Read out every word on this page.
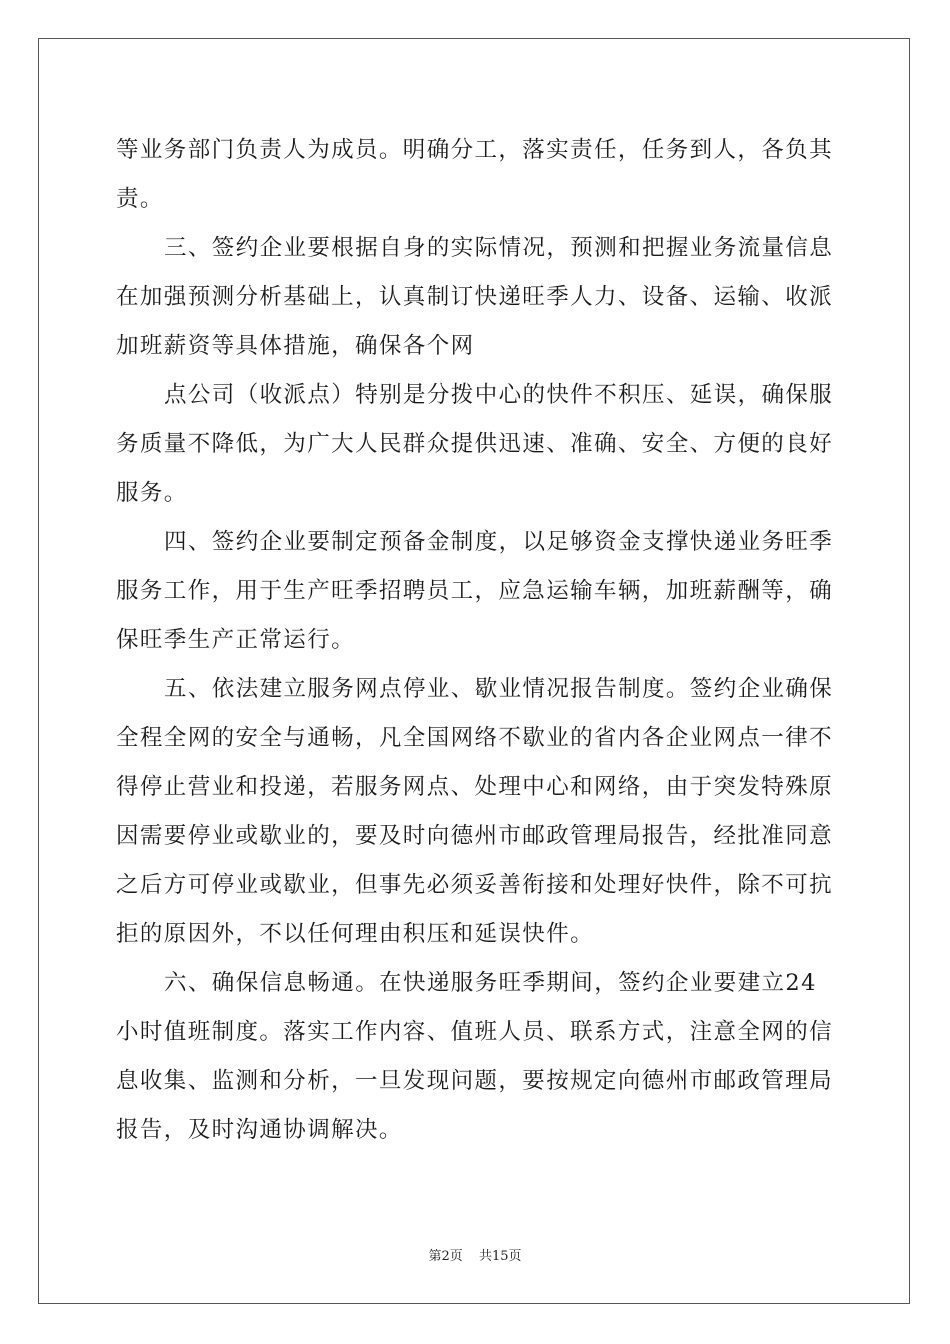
等业务部门负责人为成员。明确分工，落实责任，任务到人，各负其
责。
三、签约企业要根据自身的实际情况，预测和把握业务流量信息
在加强预测分析基础上，认真制订快递旺季人力、设备、运输、收派
加班薪资等具体措施，确保各个网
点公司（收派点）特别是分拨中心的快件不积压、延误，确保服
务质量不降低，为广大人民群众提供迅速、准确、安全、方便的良好
服务。
四、签约企业要制定预备金制度，以足够资金支撑快递业务旺季
服务工作，用于生产旺季招聘员工，应急运输车辆，加班薪酬等，确
保旺季生产正常运行。
五、依法建立服务网点停业、歇业情况报告制度。签约企业确保
全程全网的安全与通畅，凡全国网络不歇业的省内各企业网点一律不
得停止营业和投递，若服务网点、处理中心和网络，由于突发特殊原
因需要停业或歇业的，要及时向德州市邮政管理局报告，经批准同意
之后方可停业或歇业，但事先必须妥善衔接和处理好快件，除不可抗
拒的原因外，不以任何理由积压和延误快件。
六、确保信息畅通。在快递服务旺季期间，签约企业要建立24
小时值班制度。落实工作内容、值班人员、联系方式，注意全网的信
息收集、监测和分析，一旦发现问题，要按规定向德州市邮政管理局
报告，及时沟通协调解决。
第2页 共15页
